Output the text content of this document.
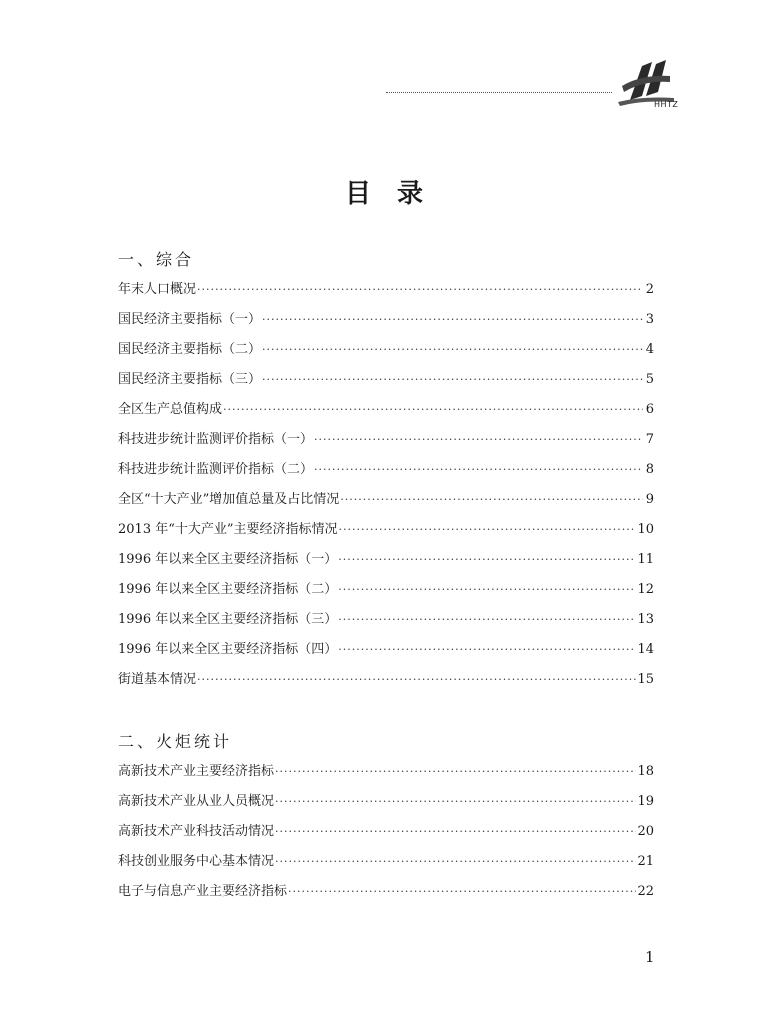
HHTZ
目录
一、综合
年末人口概况 ·····	2
国民经济主要指标（一） ·····	3
国民经济主要指标（二） ·····	4
国民经济主要指标（三） ·····	5
全区生产总值构成 ·····	6
科技进步统计监测评价指标（一） ·····	7
科技进步统计监测评价指标（二） ·····	8
全区“十大产业”增加值总量及占比情况 ·····	9
2013 年“十大产业”主要经济指标情况 ·····	10
1996 年以来全区主要经济指标（一） ·····	11
1996 年以来全区主要经济指标（二） ·····	12
1996 年以来全区主要经济指标（三） ·····	13
1996 年以来全区主要经济指标（四） ·····	14
街道基本情况 ·····	15
二、火炬统计
高新技术产业主要经济指标 ·····	18
高新技术产业从业人员概况 ·····	19
高新技术产业科技活动情况 ·····	20
科技创业服务中心基本情况 ·····	21
电子与信息产业主要经济指标 ·····	22
1
